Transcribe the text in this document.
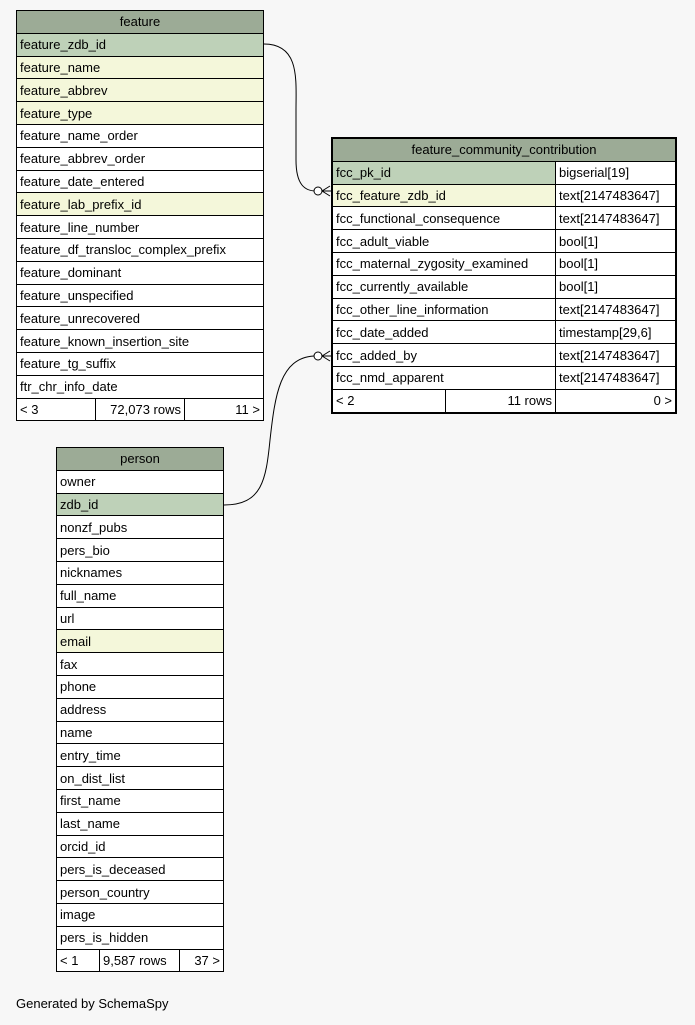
feature
feature_zdb_id
feature_name
feature_abbrev
feature_type
feature_name_order
feature_abbrev_order
feature_date_entered
feature_lab_prefix_id
feature_line_number
feature_df_transloc_complex_prefix
feature_dominant
feature_unspecified
feature_unrecovered
feature_known_insertion_site
feature_tg_suffix
ftr_chr_info_date
< 3	72,073 rows	11 >
feature_community_contribution		
fcc_pk_id		bigserial[19]
fcc_feature_zdb_id		text[2147483647]
fcc_functional_consequence		text[2147483647]
fcc_adult_viable		bool[1]
fcc_maternal_zygosity_examined		bool[1]
fcc_currently_available		bool[1]
fcc_other_line_information		text[2147483647]
fcc_date_added		timestamp[29,6]
fcc_added_by		text[2147483647]
fcc_nmd_apparent		text[2147483647]
< 2	11 rows	0 >
person
owner
zdb_id
nonzf_pubs
pers_bio
nicknames
full_name
url
email
fax
phone
address
name
entry_time
on_dist_list
first_name
last_name
orcid_id
pers_is_deceased
person_country
image
pers_is_hidden
< 1	9,587 rows	37 >
Generated by SchemaSpy
